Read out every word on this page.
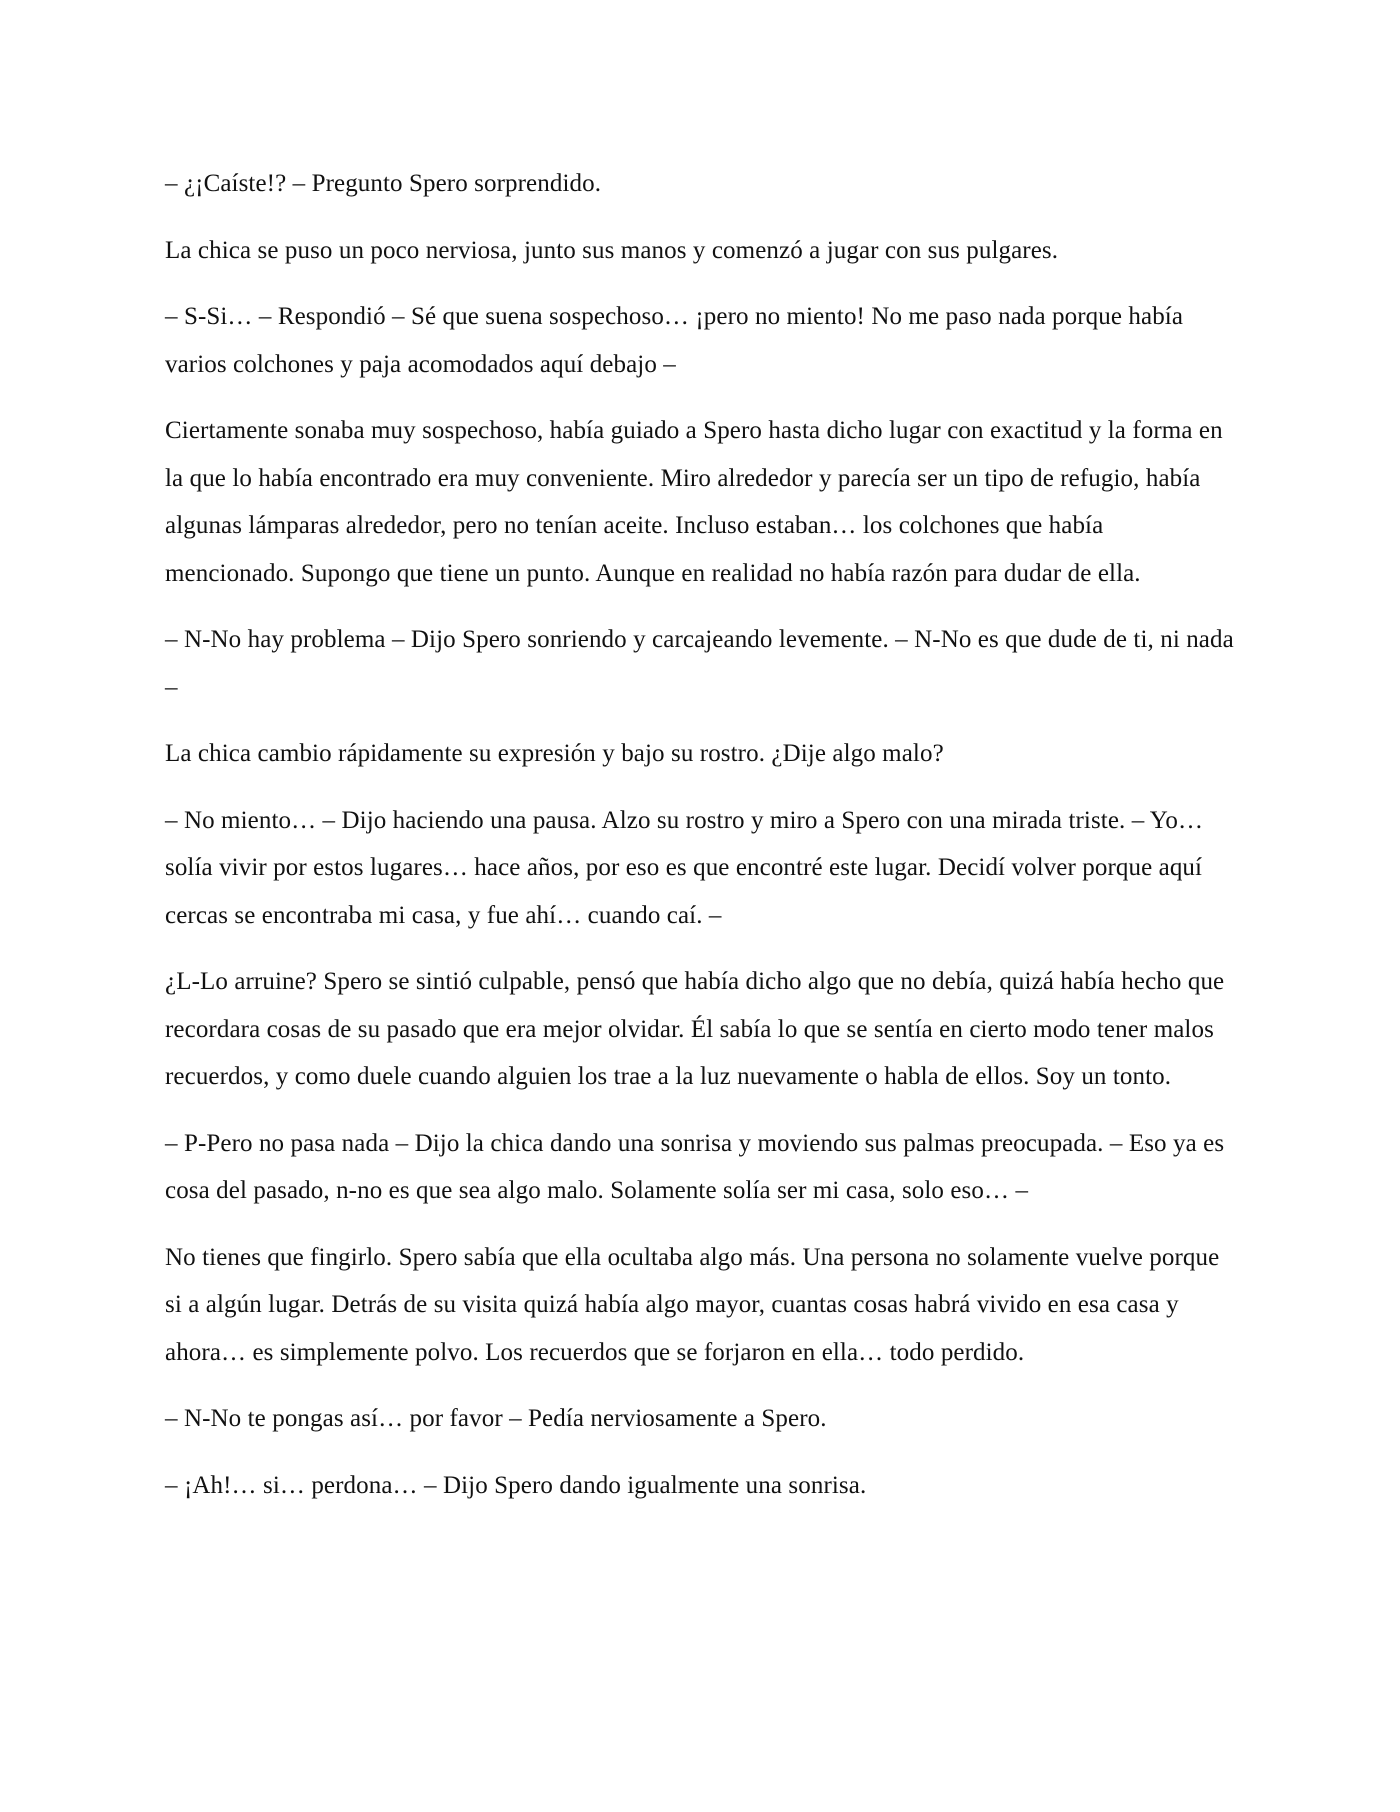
– ¿¡Caíste!? – Pregunto Spero sorprendido.

La chica se puso un poco nerviosa, junto sus manos y comenzó a jugar con sus pulgares.

– S-Si… – Respondió – Sé que suena sospechoso… ¡pero no miento! No me paso nada porque había varios colchones y paja acomodados aquí debajo –

Ciertamente sonaba muy sospechoso, había guiado a Spero hasta dicho lugar con exactitud y la forma en la que lo había encontrado era muy conveniente. Miro alrededor y parecía ser un tipo de refugio, había algunas lámparas alrededor, pero no tenían aceite. Incluso estaban… los colchones que había mencionado. Supongo que tiene un punto. Aunque en realidad no había razón para dudar de ella.

– N-No hay problema – Dijo Spero sonriendo y carcajeando levemente. – N-No es que dude de ti, ni nada –

La chica cambio rápidamente su expresión y bajo su rostro. ¿Dije algo malo?

– No miento… – Dijo haciendo una pausa. Alzo su rostro y miro a Spero con una mirada triste. – Yo… solía vivir por estos lugares… hace años, por eso es que encontré este lugar. Decidí volver porque aquí cercas se encontraba mi casa, y fue ahí… cuando caí. –

¿L-Lo arruine? Spero se sintió culpable, pensó que había dicho algo que no debía, quizá había hecho que recordara cosas de su pasado que era mejor olvidar. Él sabía lo que se sentía en cierto modo tener malos recuerdos, y como duele cuando alguien los trae a la luz nuevamente o habla de ellos. Soy un tonto.

– P-Pero no pasa nada – Dijo la chica dando una sonrisa y moviendo sus palmas preocupada. – Eso ya es cosa del pasado, n-no es que sea algo malo. Solamente solía ser mi casa, solo eso… –

No tienes que fingirlo. Spero sabía que ella ocultaba algo más. Una persona no solamente vuelve porque si a algún lugar. Detrás de su visita quizá había algo mayor, cuantas cosas habrá vivido en esa casa y ahora… es simplemente polvo. Los recuerdos que se forjaron en ella… todo perdido.

– N-No te pongas así… por favor – Pedía nerviosamente a Spero.

– ¡Ah!… si… perdona… – Dijo Spero dando igualmente una sonrisa.
